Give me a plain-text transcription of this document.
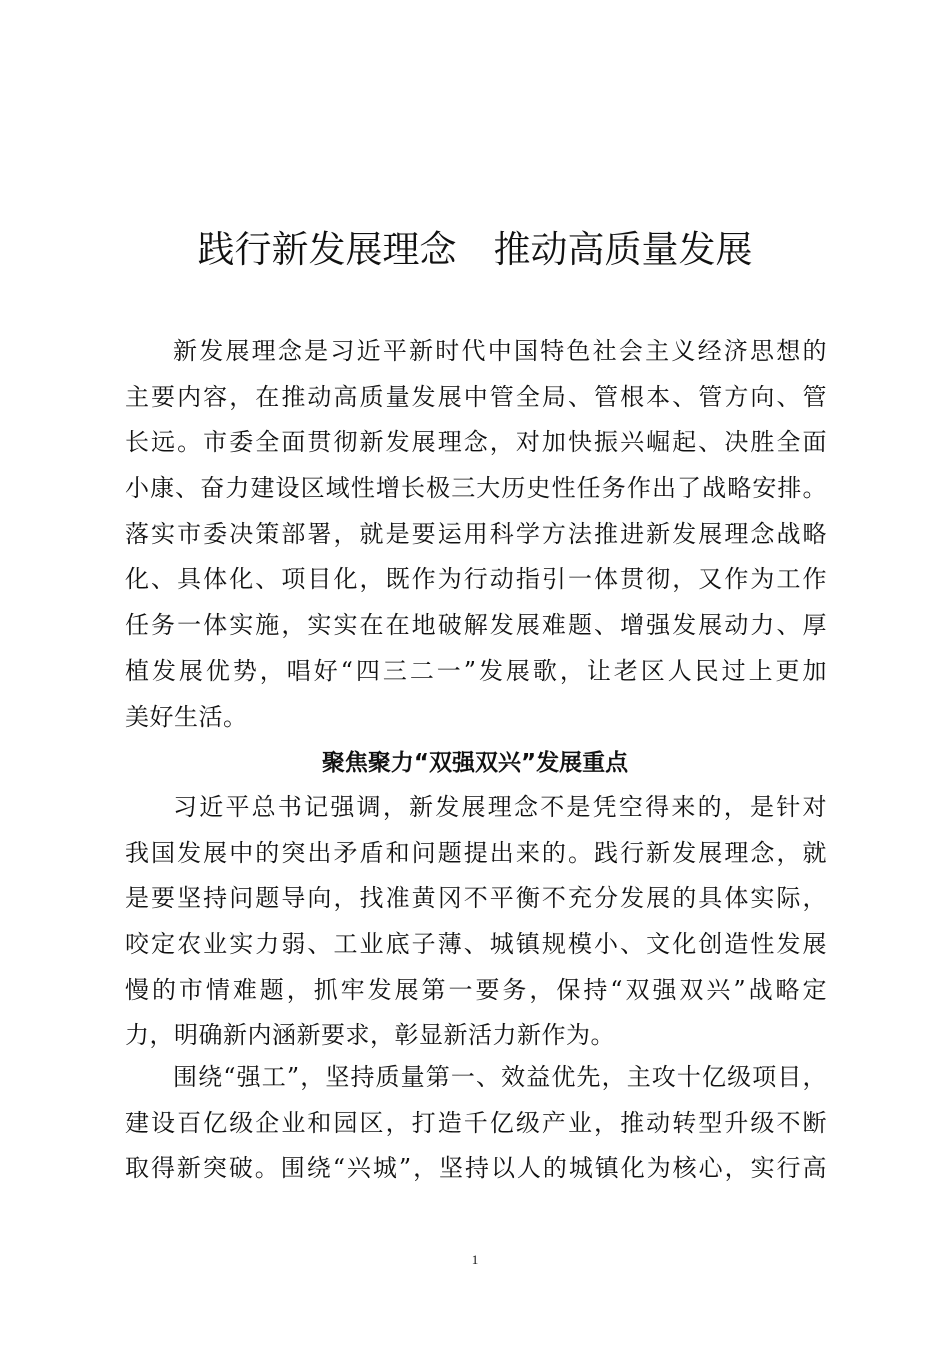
践行新发展理念　推动高质量发展
新发展理念是习近平新时代中国特色社会主义经济思想的
主要内容，在推动高质量发展中管全局、管根本、管方向、管
长远。市委全面贯彻新发展理念，对加快振兴崛起、决胜全面
小康、奋力建设区域性增长极三大历史性任务作出了战略安排。
落实市委决策部署，就是要运用科学方法推进新发展理念战略
化、具体化、项目化，既作为行动指引一体贯彻，又作为工作
任务一体实施，实实在在地破解发展难题、增强发展动力、厚
植发展优势，唱好“四三二一”发展歌，让老区人民过上更加
美好生活。
聚焦聚力“双强双兴”发展重点
习近平总书记强调，新发展理念不是凭空得来的，是针对
我国发展中的突出矛盾和问题提出来的。践行新发展理念，就
是要坚持问题导向，找准黄冈不平衡不充分发展的具体实际，
咬定农业实力弱、工业底子薄、城镇规模小、文化创造性发展
慢的市情难题，抓牢发展第一要务，保持“双强双兴”战略定
力，明确新内涵新要求，彰显新活力新作为。
围绕“强工”，坚持质量第一、效益优先，主攻十亿级项目，
建设百亿级企业和园区，打造千亿级产业，推动转型升级不断
取得新突破。围绕“兴城”，坚持以人的城镇化为核心，实行高
1
